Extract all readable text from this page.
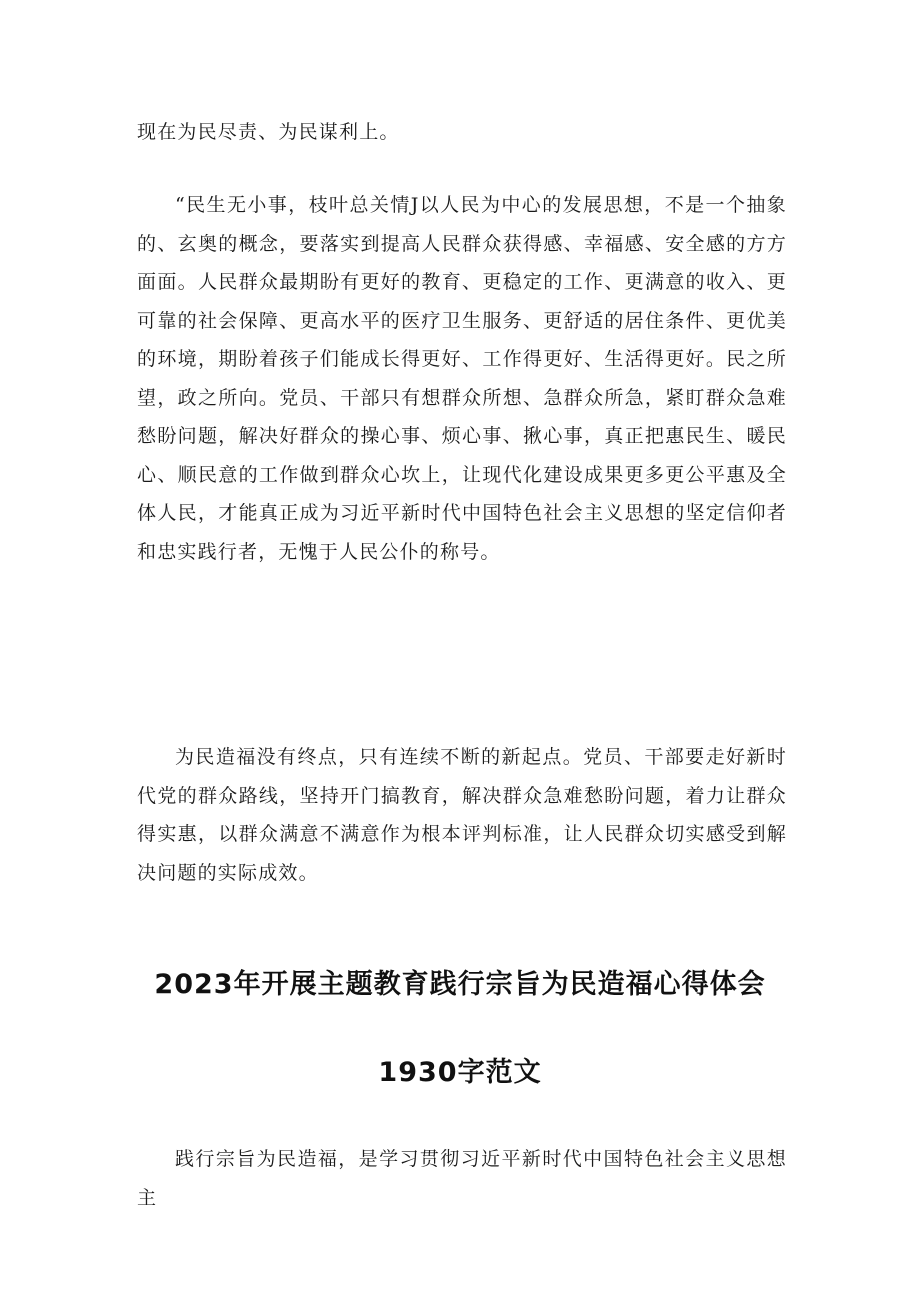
现在为民尽责、为民谋利上。

“民生无小事，枝叶总关情J以人民为中心的发展思想，不是一个抽象的、玄奥的概念，要落实到提高人民群众获得感、幸福感、安全感的方方面面。人民群众最期盼有更好的教育、更稳定的工作、更满意的收入、更可靠的社会保障、更高水平的医疗卫生服务、更舒适的居住条件、更优美的环境，期盼着孩子们能成长得更好、工作得更好、生活得更好。民之所望，政之所向。党员、干部只有想群众所想、急群众所急，紧盯群众急难愁盼问题，解决好群众的操心事、烦心事、揪心事，真正把惠民生、暖民心、顺民意的工作做到群众心坎上，让现代化建设成果更多更公平惠及全体人民，才能真正成为习近平新时代中国特色社会主义思想的坚定信仰者和忠实践行者，无愧于人民公仆的称号。

为民造福没有终点，只有连续不断的新起点。党员、干部要走好新时代党的群众路线，坚持开门搞教育，解决群众急难愁盼问题，着力让群众得实惠，以群众满意不满意作为根本评判标准，让人民群众切实感受到解决问题的实际成效。

2023年开展主题教育践行宗旨为民造福心得体会
1930字范文

践行宗旨为民造福，是学习贯彻习近平新时代中国特色社会主义思想主
